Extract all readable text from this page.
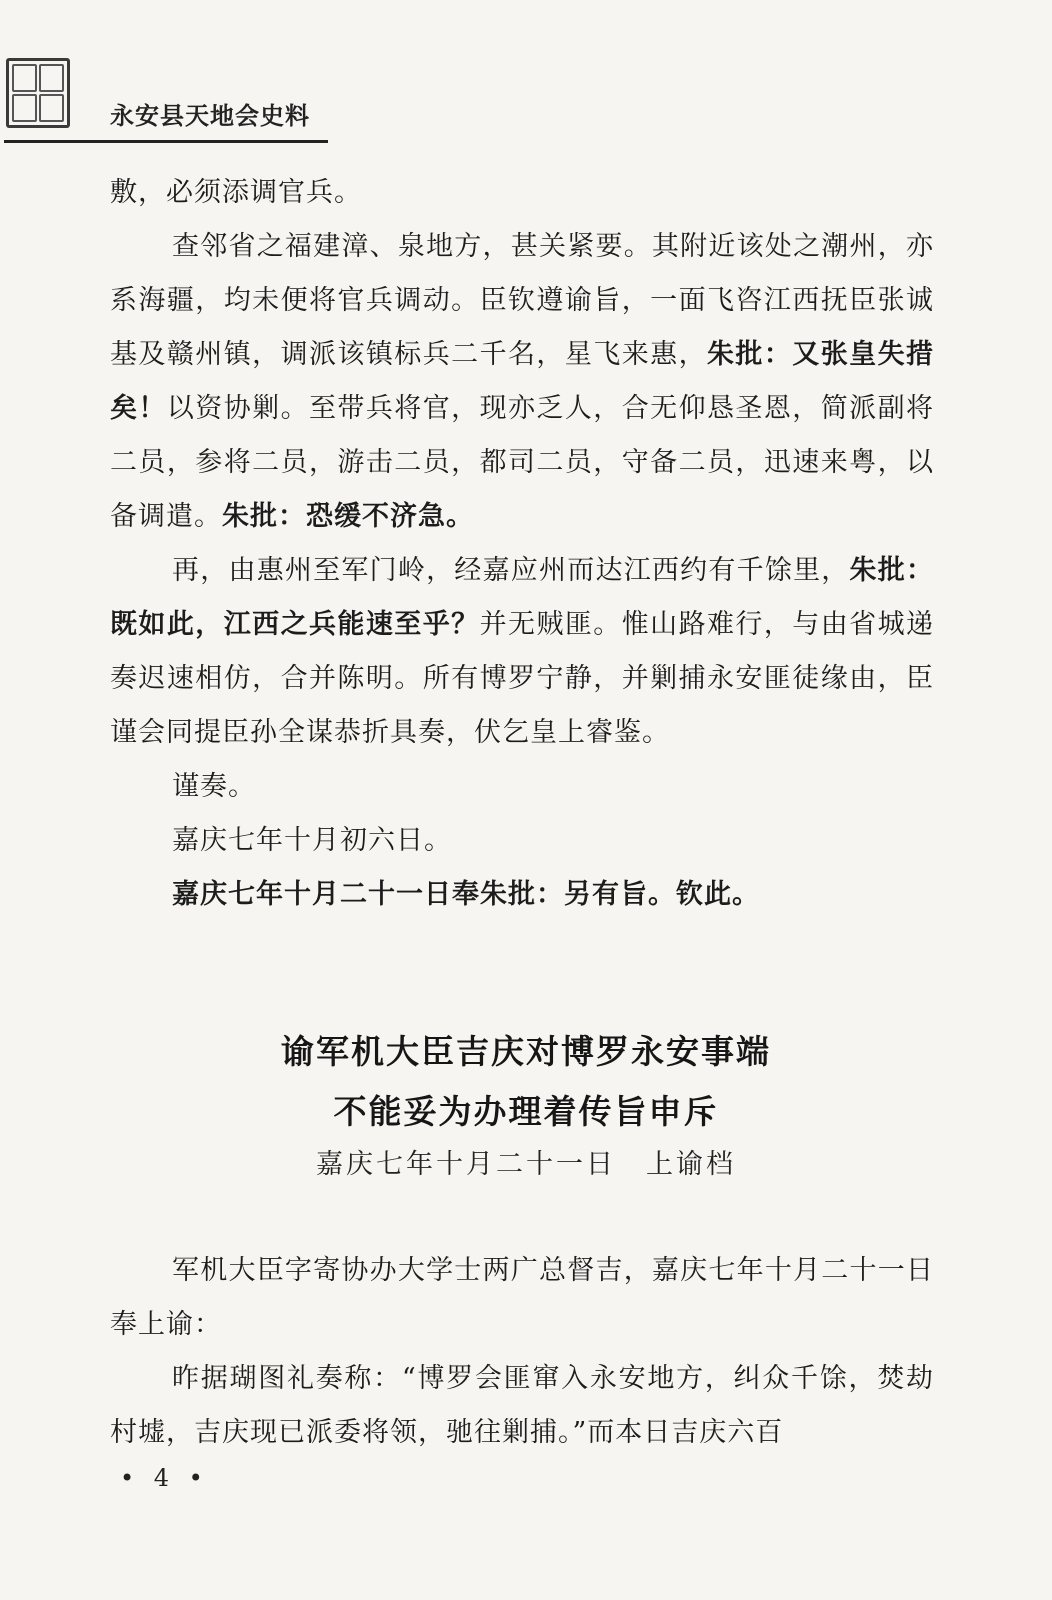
永安县天地会史料
敷，必须添调官兵。
查邻省之福建漳、泉地方，甚关紧要。其附近该处之潮州，亦系海疆，均未便将官兵调动。臣钦遵谕旨，一面飞咨江西抚臣张诚基及赣州镇，调派该镇标兵二千名，星飞来惠，朱批：又张皇失措矣！以资协剿。至带兵将官，现亦乏人，合无仰恳圣恩，简派副将二员，参将二员，游击二员，都司二员，守备二员，迅速来粤，以备调遣。朱批：恐缓不济急。
再，由惠州至军门岭，经嘉应州而达江西约有千馀里，朱批：既如此，江西之兵能速至乎？并无贼匪。惟山路难行，与由省城递奏迟速相仿，合并陈明。所有博罗宁静，并剿捕永安匪徒缘由，臣谨会同提臣孙全谋恭折具奏，伏乞皇上睿鉴。
谨奏。
嘉庆七年十月初六日。
嘉庆七年十月二十一日奉朱批：另有旨。钦此。
谕军机大臣吉庆对博罗永安事端
不能妥为办理着传旨申斥
嘉庆七年十月二十一日　上谕档
军机大臣字寄协办大学士两广总督吉，嘉庆七年十月二十一日奉上谕：
昨据瑚图礼奏称：“博罗会匪窜入永安地方，纠众千馀，焚劫村墟，吉庆现已派委将领，驰往剿捕。”而本日吉庆六百
• 4 •
